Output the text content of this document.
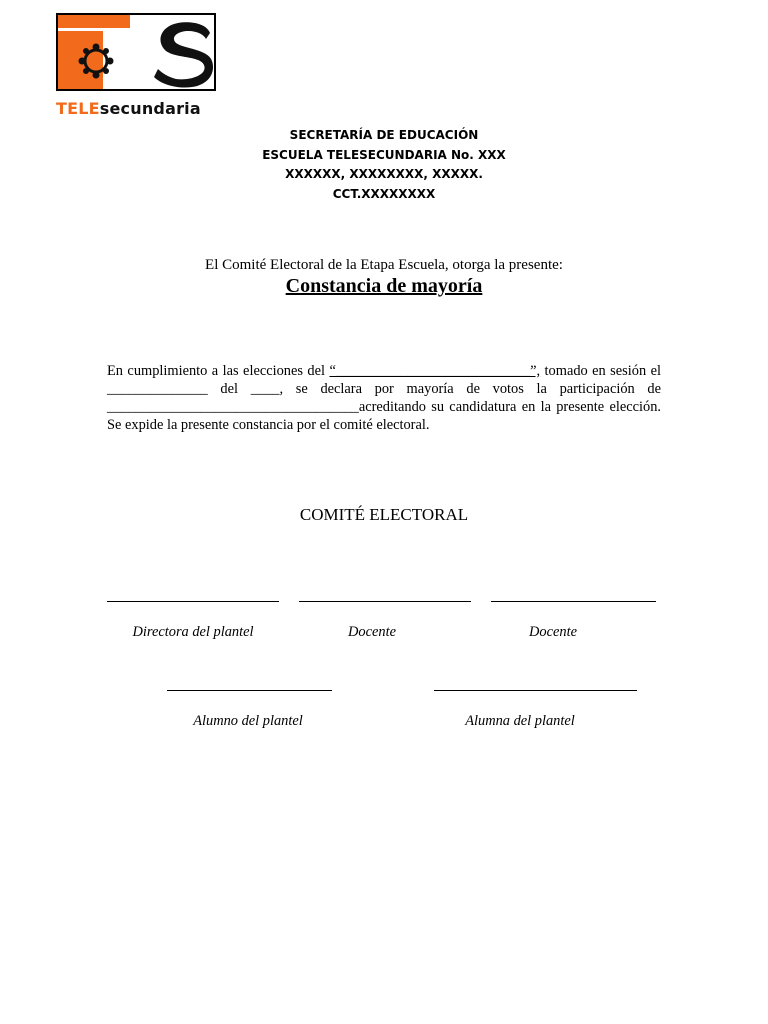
TELEsecundaria
SECRETARÍA DE EDUCACIÓN
ESCUELA TELESECUNDARIA No. XXX
XXXXXX, XXXXXXXX, XXXXX.
CCT.XXXXXXXX
El Comité Electoral de la Etapa Escuela, otorga la presente:
Constancia de mayoría
En cumplimiento a las elecciones del “___________________________”, tomado en sesión el ______________ del ____, se declara por mayoría de votos la participación de ___________________________________acreditando su candidatura en la presente elección. Se expide la presente constancia por el comité electoral.
COMITÉ ELECTORAL
Directora del plantel	Docente	Docente
Alumno del plantel	Alumna del plantel
